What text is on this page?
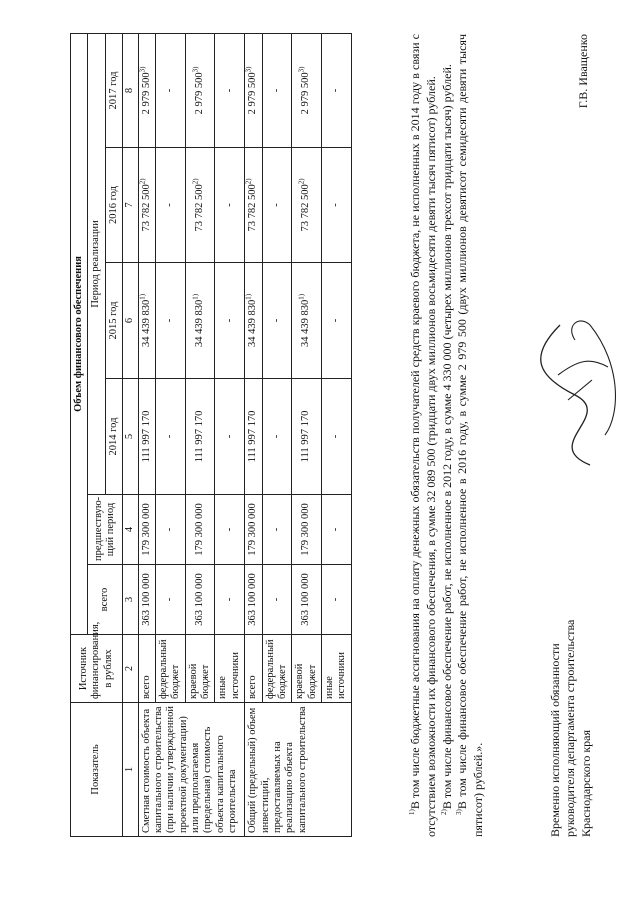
Показатель	Источник финансирования, в рублях	Объем финансового обеспечения					
		всего	предшествую-щий период	Период реализации			
				2014 год	2015 год	2016 год	2017 год
1	2	3	4	5	6	7	8
Сметная стоимость объекта капитального строительства (при наличии утвержденной проектной документации) или предполагаемая (предельная) стоимость объекта капитального строительства	всего	363 100 000	179 300 000	111 997 170	34 439 830$^{1)}$	73 782 500$^{2)}$	2 979 500$^{3)}$
	федеральный бюджет	-	-	-	-	-	-
	краевой бюджет	363 100 000	179 300 000	111 997 170	34 439 830$^{1)}$	73 782 500$^{2)}$	2 979 500$^{3)}$
	иные источники	-	-	-	-	-	-
Общий (предельный) объем инвестиций, предоставляемых на реализацию объекта капитального строительства	всего	363 100 000	179 300 000	111 997 170	34 439 830$^{1)}$	73 782 500$^{2)}$	2 979 500$^{3)}$
	федеральный бюджет	-	-	-	-	-	-
	краевой бюджет	363 100 000	179 300 000	111 997 170	34 439 830$^{1)}$	73 782 500$^{2)}$	2 979 500$^{3)}$
	иные источники	-	-	-	-	-	-

$^{1)}$В том числе бюджетные ассигнования на оплату денежных обязательств получателей средств краевого бюджета, не исполненных в 2014 году в связи с отсутствием возможности их финансового обеспечения, в сумме 32 089 500 (тридцати двух миллионов восьмидесяти девяти тысяч пятисот) рублей. $^{2)}$В том числе финансовое обеспечение работ, не исполненное в 2012 году, в сумме 4 330 000 (четырех миллионов трехсот тридцати тысяч) рублей.

$^{3)}$В том числе финансовое обеспечение работ, не исполненное в 2016 году, в сумме 2 979 500 (двух миллионов девятисот семидесяти девяти тысяч пятисот) рублей.».	Временно исполняющий обязанности руководителя департамента строительства Краснодарского края
Г.В. Иващенко
